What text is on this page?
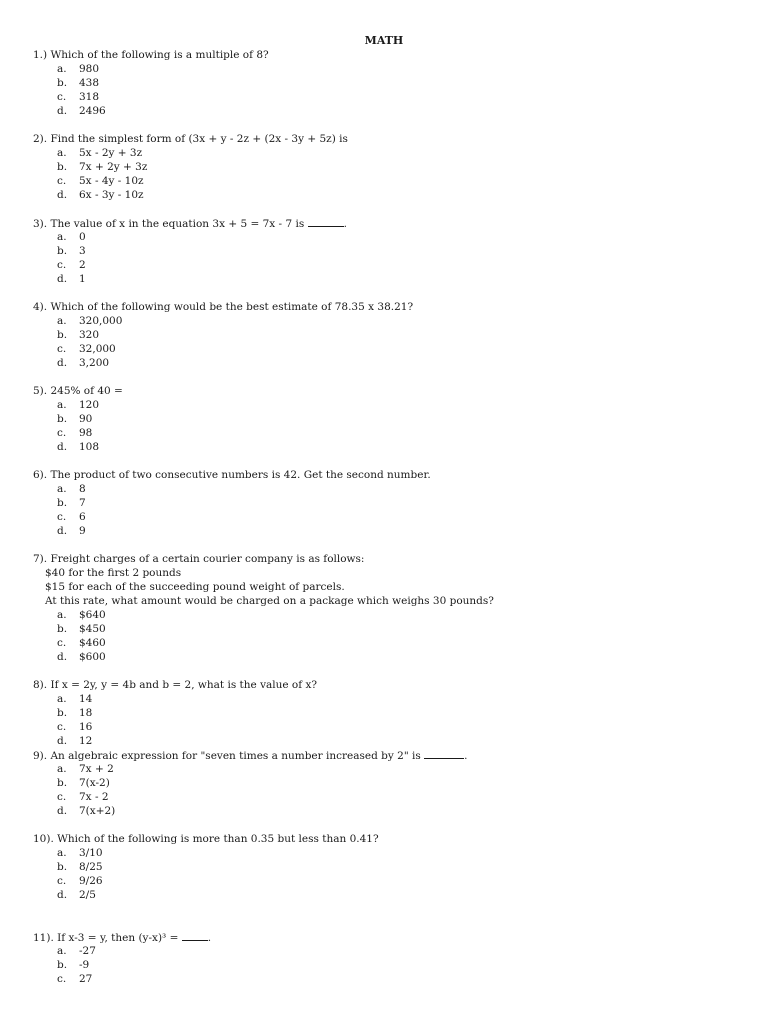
MATH
1.) Which of the following is a multiple of 8?
a. 980
b. 438
c. 318
d. 2496
2). Find the simplest form of (3x + y - 2z + (2x - 3y + 5z) is
a. 5x - 2y + 3z
b. 7x + 2y + 3z
c. 5x - 4y - 10z
d. 6x - 3y - 10z
3). The value of x in the equation 3x + 5 = 7x - 7 is	.
a. 0
b. 3
c. 2
d. 1
4). Which of the following would be the best estimate of 78.35 x 38.21?
a. 320,000
b. 320
c. 32,000
d. 3,200
5). 245% of 40 =
a. 120
b. 90
c. 98
d. 108
6). The product of two consecutive numbers is 42. Get the second number.
a. 8
b. 7
c. 6
d. 9
7). Freight charges of a certain courier company is as follows:
$40 for the first 2 pounds
$15 for each of the succeeding pound weight of parcels.
At this rate, what amount would be charged on a package which weighs 30 pounds?
a. $640
b. $450
c. $460
d. $600
8). If x = 2y, y = 4b and b = 2, what is the value of x?
a. 14
b. 18
c. 16
d. 12
9). An algebraic expression for "seven times a number increased by 2" is	.
a. 7x + 2
b. 7(x-2)
c. 7x - 2
d. 7(x+2)
10). Which of the following is more than 0.35 but less than 0.41?
a. 3/10
b. 8/25
c. 9/26
d. 2/5
11). If x-3 = y, then (y-x)³ =	.
a. -27
b. -9
c. 27
